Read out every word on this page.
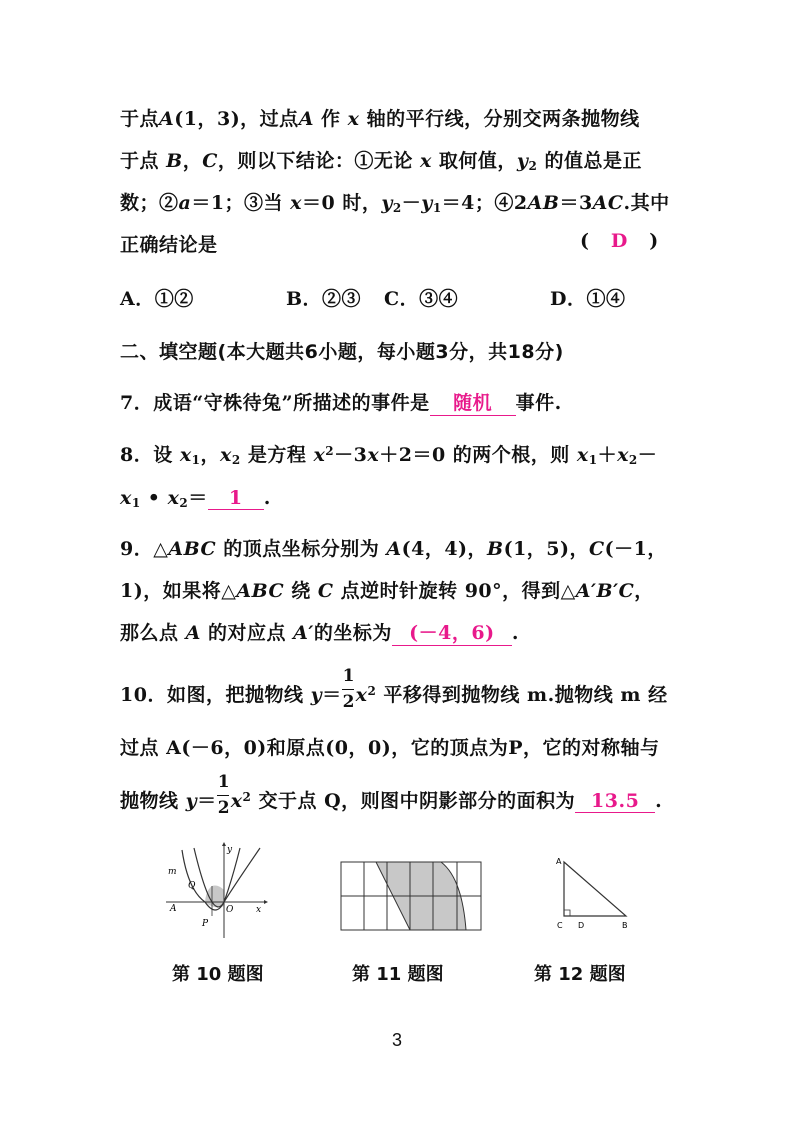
于点A(1，3)，过点A 作 x 轴的平行线，分别交两条抛物线
于点 B，C，则以下结论：①无论 x 取何值，$y_2$ 的值总是正
数；②a＝1；③当 x＝0 时，$y_2-y_1=4$；④2AB＝3AC.其中
正确结论是	( D )
A．①②	B．②③ C．③④	D．①④
二、填空题(本大题共6小题，每小题3分，共18分)
7．成语“守株待兔”所描述的事件是 随机 事件.
8．设 $x_1$，$x_2$ 是方程 $x^2-3x+2=0$ 的两个根，则 $x_1+x_2-$
$x_1$ • $x_2= 1$ .
9．△ABC 的顶点坐标分别为 A(4，4)，B(1，5)，C(－1，
1)，如果将△ABC 绕 C 点逆时针旋转 90°，得到△A′B′C，
那么点 A 的对应点 A′的坐标为 (－4，6) .
10．如图，把抛物线 $y= \frac{1}{2} x^2$ 平移得到抛物线 m.抛物线 m 经
过点 A(－6，0)和原点(0，0)，它的顶点为P，它的对称轴与
抛物线 $y= \frac{1}{2} x^2$ 交于点 Q，则图中阴影部分的面积为 13.5 .
m
y
Q
A	O	x
P
A
C D	B
第 10 题图	第 11 题图	第 12 题图
3
